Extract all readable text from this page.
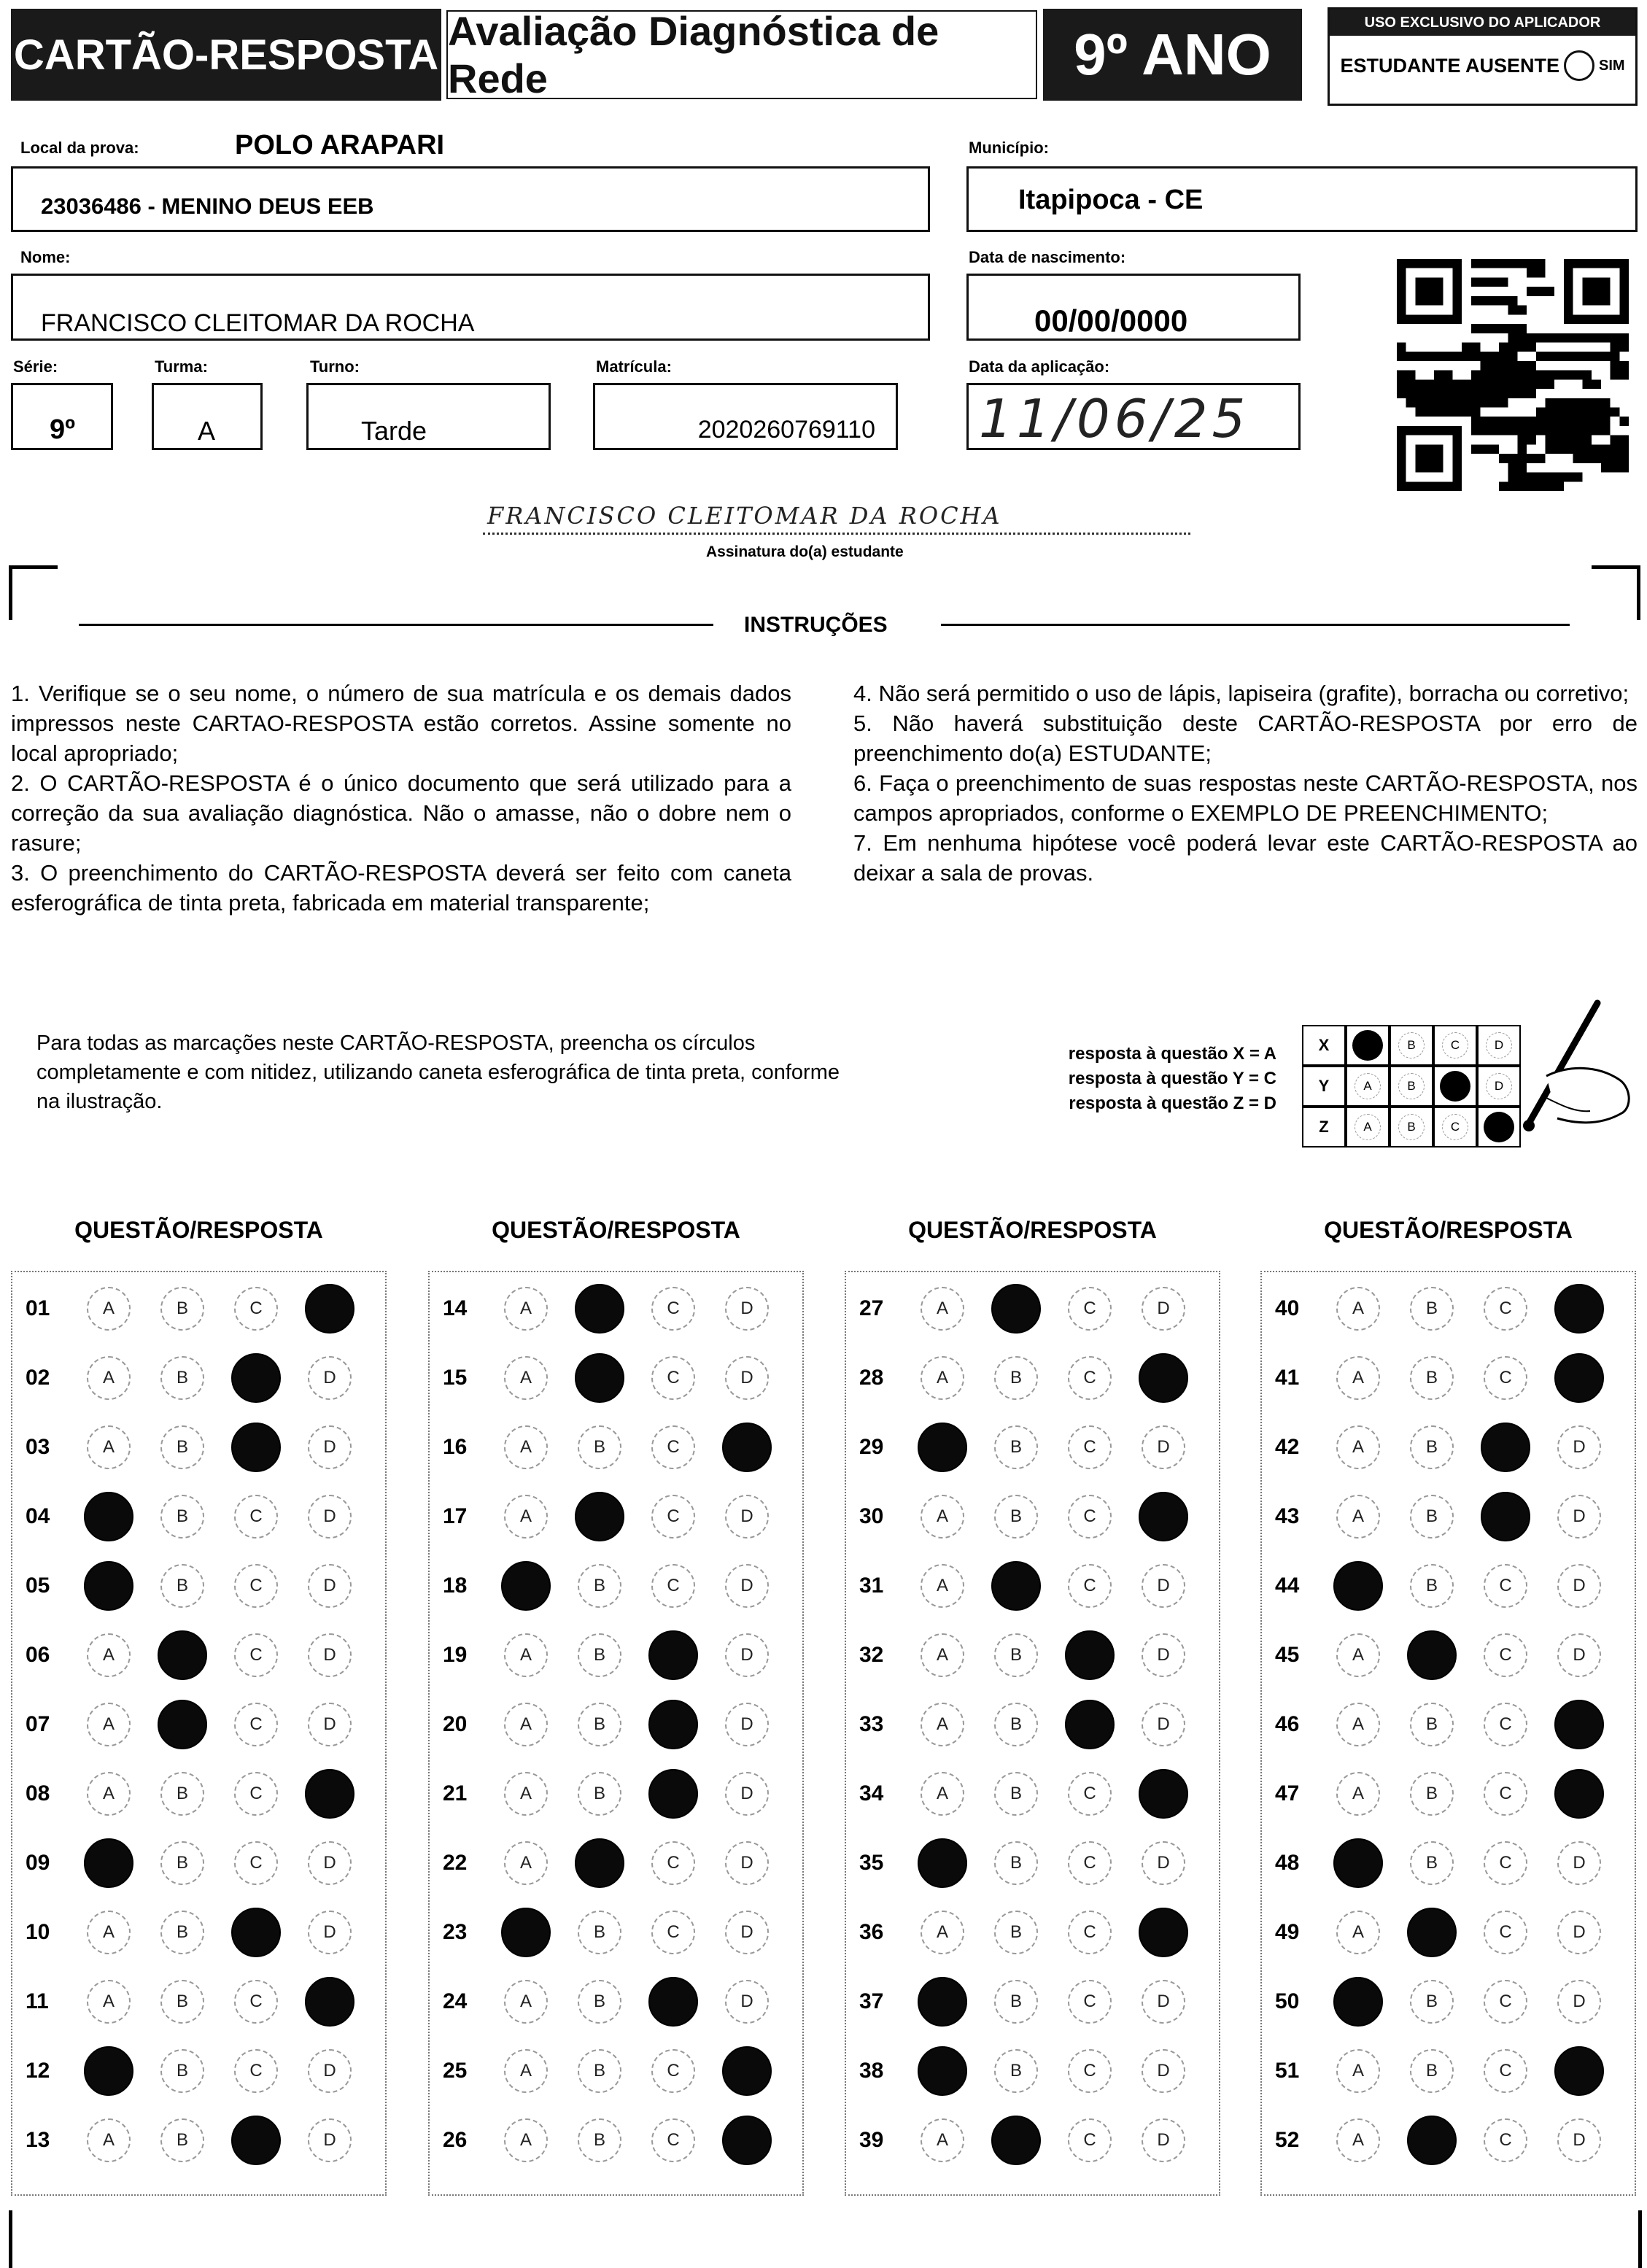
CARTÃO-RESPOSTA Avaliação Diagnóstica de Rede	9º ANO	USO EXCLUSIVO DO APLICADOR
ESTUDANTE AUSENTE	SIM
Local da prova:	POLO ARAPARI
23036486 - MENINO DEUS EEB
Município:
Itapipoca - CE
Nome:
FRANCISCO CLEITOMAR DA ROCHA
Data de nascimento:
00/00/0000
Série:
9º
Turma:
A
Turno:
Tarde
Matrícula:
2020260769110
Data da aplicação:
11/06/25
FRANCISCO CLEITOMAR DA ROCHA
Assinatura do(a) estudante
INSTRUÇÕES

1. Verifique se o seu nome, o número de sua matrícula e os demais dados impressos neste CARTAO-RESPOSTA estão corretos. Assine somente no local apropriado;

2. O CARTÃO-RESPOSTA é o único documento que será utilizado para a correção da sua avaliação diagnóstica. Não o amasse, não o dobre nem o rasure;

3. O preenchimento do CARTÃO-RESPOSTA deverá ser feito com caneta esferográfica de tinta preta, fabricada em material transparente;

4. Não será permitido o uso de lápis, lapiseira (grafite), borracha ou corretivo;

5. Não haverá substituição deste CARTÃO-RESPOSTA por erro de preenchimento do(a) ESTUDANTE;

6. Faça o preenchimento de suas respostas neste CARTÃO-RESPOSTA, nos campos apropriados, conforme o EXEMPLO DE PREENCHIMENTO;

7. Em nenhuma hipótese você poderá levar este CARTÃO-RESPOSTA ao deixar a sala de provas.

Para todas as marcações neste CARTÃO-RESPOSTA, preencha os círculos completamente e com nitidez, utilizando caneta esferográfica de tinta preta, conforme na ilustração.
resposta à questão X = A
resposta à questão Y = C
resposta à questão Z = D
X	B	C	D
Y	A	B	D
Z	A	B	C
QUESTÃO/RESPOSTA
01	A	B	C
02	A	B	D
03	A	B	D
04	B	C	D
05	B	C	D
06	A	C	D
07	A	C	D
08	A	B	C
09	B	C	D
10	A	B	D
11	A	B	C
12	B	C	D
13	A	B	D
QUESTÃO/RESPOSTA
14	A	C	D
15	A	C	D
16	A	B	C
17	A	C	D
18	B	C	D
19	A	B	D
20	A	B	D
21	A	B	D
22	A	C	D
23	B	C	D
24	A	B	D
25	A	B	C
26	A	B	C
QUESTÃO/RESPOSTA
27	A	C	D
28	A	B	C
29	B	C	D
30	A	B	C
31	A	C	D
32	A	B	D
33	A	B	D
34	A	B	C
35	B	C	D
36	A	B	C
37	B	C	D
38	B	C	D
39	A	C	D
QUESTÃO/RESPOSTA
40	A	B	C
41	A	B	C
42	A	B	D
43	A	B	D
44	B	C	D
45	A	C	D
46	A	B	C
47	A	B	C
48	B	C	D
49	A	C	D
50	B	C	D
51	A	B	C
52	A	C	D
